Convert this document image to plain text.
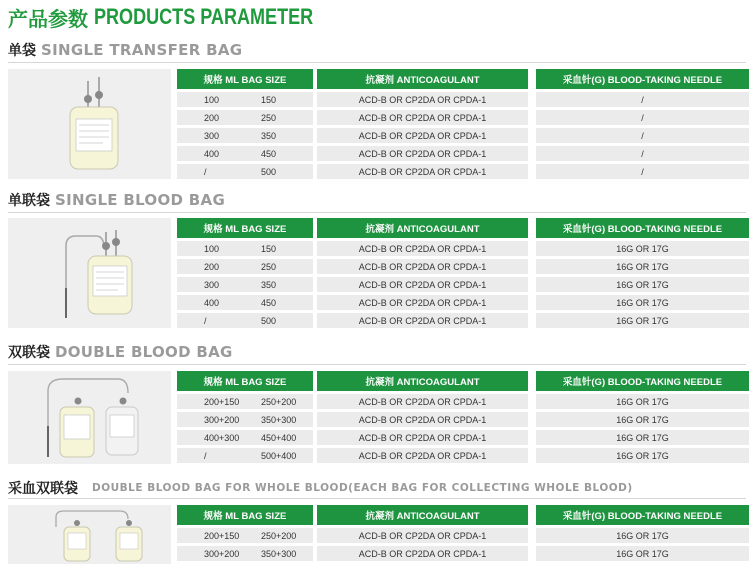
产品参数 PRODUCTS PARAMETER
单袋 SINGLE TRANSFER BAG
规格 ML BAG SIZE	抗凝剂 ANTICOAGULANT	采血针(G) BLOOD-TAKING NEEDLE
100	150	ACD-B OR CP2DA OR CPDA-1	/
200	250	ACD-B OR CP2DA OR CPDA-1	/
300	350	ACD-B OR CP2DA OR CPDA-1	/
400	450	ACD-B OR CP2DA OR CPDA-1	/
/	500	ACD-B OR CP2DA OR CPDA-1	/
单联袋 SINGLE BLOOD BAG
规格 ML BAG SIZE	抗凝剂 ANTICOAGULANT	采血针(G) BLOOD-TAKING NEEDLE
100	150	ACD-B OR CP2DA OR CPDA-1	16G OR 17G
200	250	ACD-B OR CP2DA OR CPDA-1	16G OR 17G
300	350	ACD-B OR CP2DA OR CPDA-1	16G OR 17G
400	450	ACD-B OR CP2DA OR CPDA-1	16G OR 17G
/	500	ACD-B OR CP2DA OR CPDA-1	16G OR 17G
双联袋 DOUBLE BLOOD BAG
规格 ML BAG SIZE	抗凝剂 ANTICOAGULANT	采血针(G) BLOOD-TAKING NEEDLE
200+150 250+200	ACD-B OR CP2DA OR CPDA-1	16G OR 17G
300+200 350+300	ACD-B OR CP2DA OR CPDA-1	16G OR 17G
400+300 450+400	ACD-B OR CP2DA OR CPDA-1	16G OR 17G
/	500+400	ACD-B OR CP2DA OR CPDA-1	16G OR 17G
采血双联袋 DOUBLE BLOOD BAG FOR WHOLE BLOOD(EACH BAG FOR COLLECTING WHOLE BLOOD)
规格 ML BAG SIZE	抗凝剂 ANTICOAGULANT	采血针(G) BLOOD-TAKING NEEDLE
200+150 250+200	ACD-B OR CP2DA OR CPDA-1	16G OR 17G
300+200 350+300	ACD-B OR CP2DA OR CPDA-1	16G OR 17G
